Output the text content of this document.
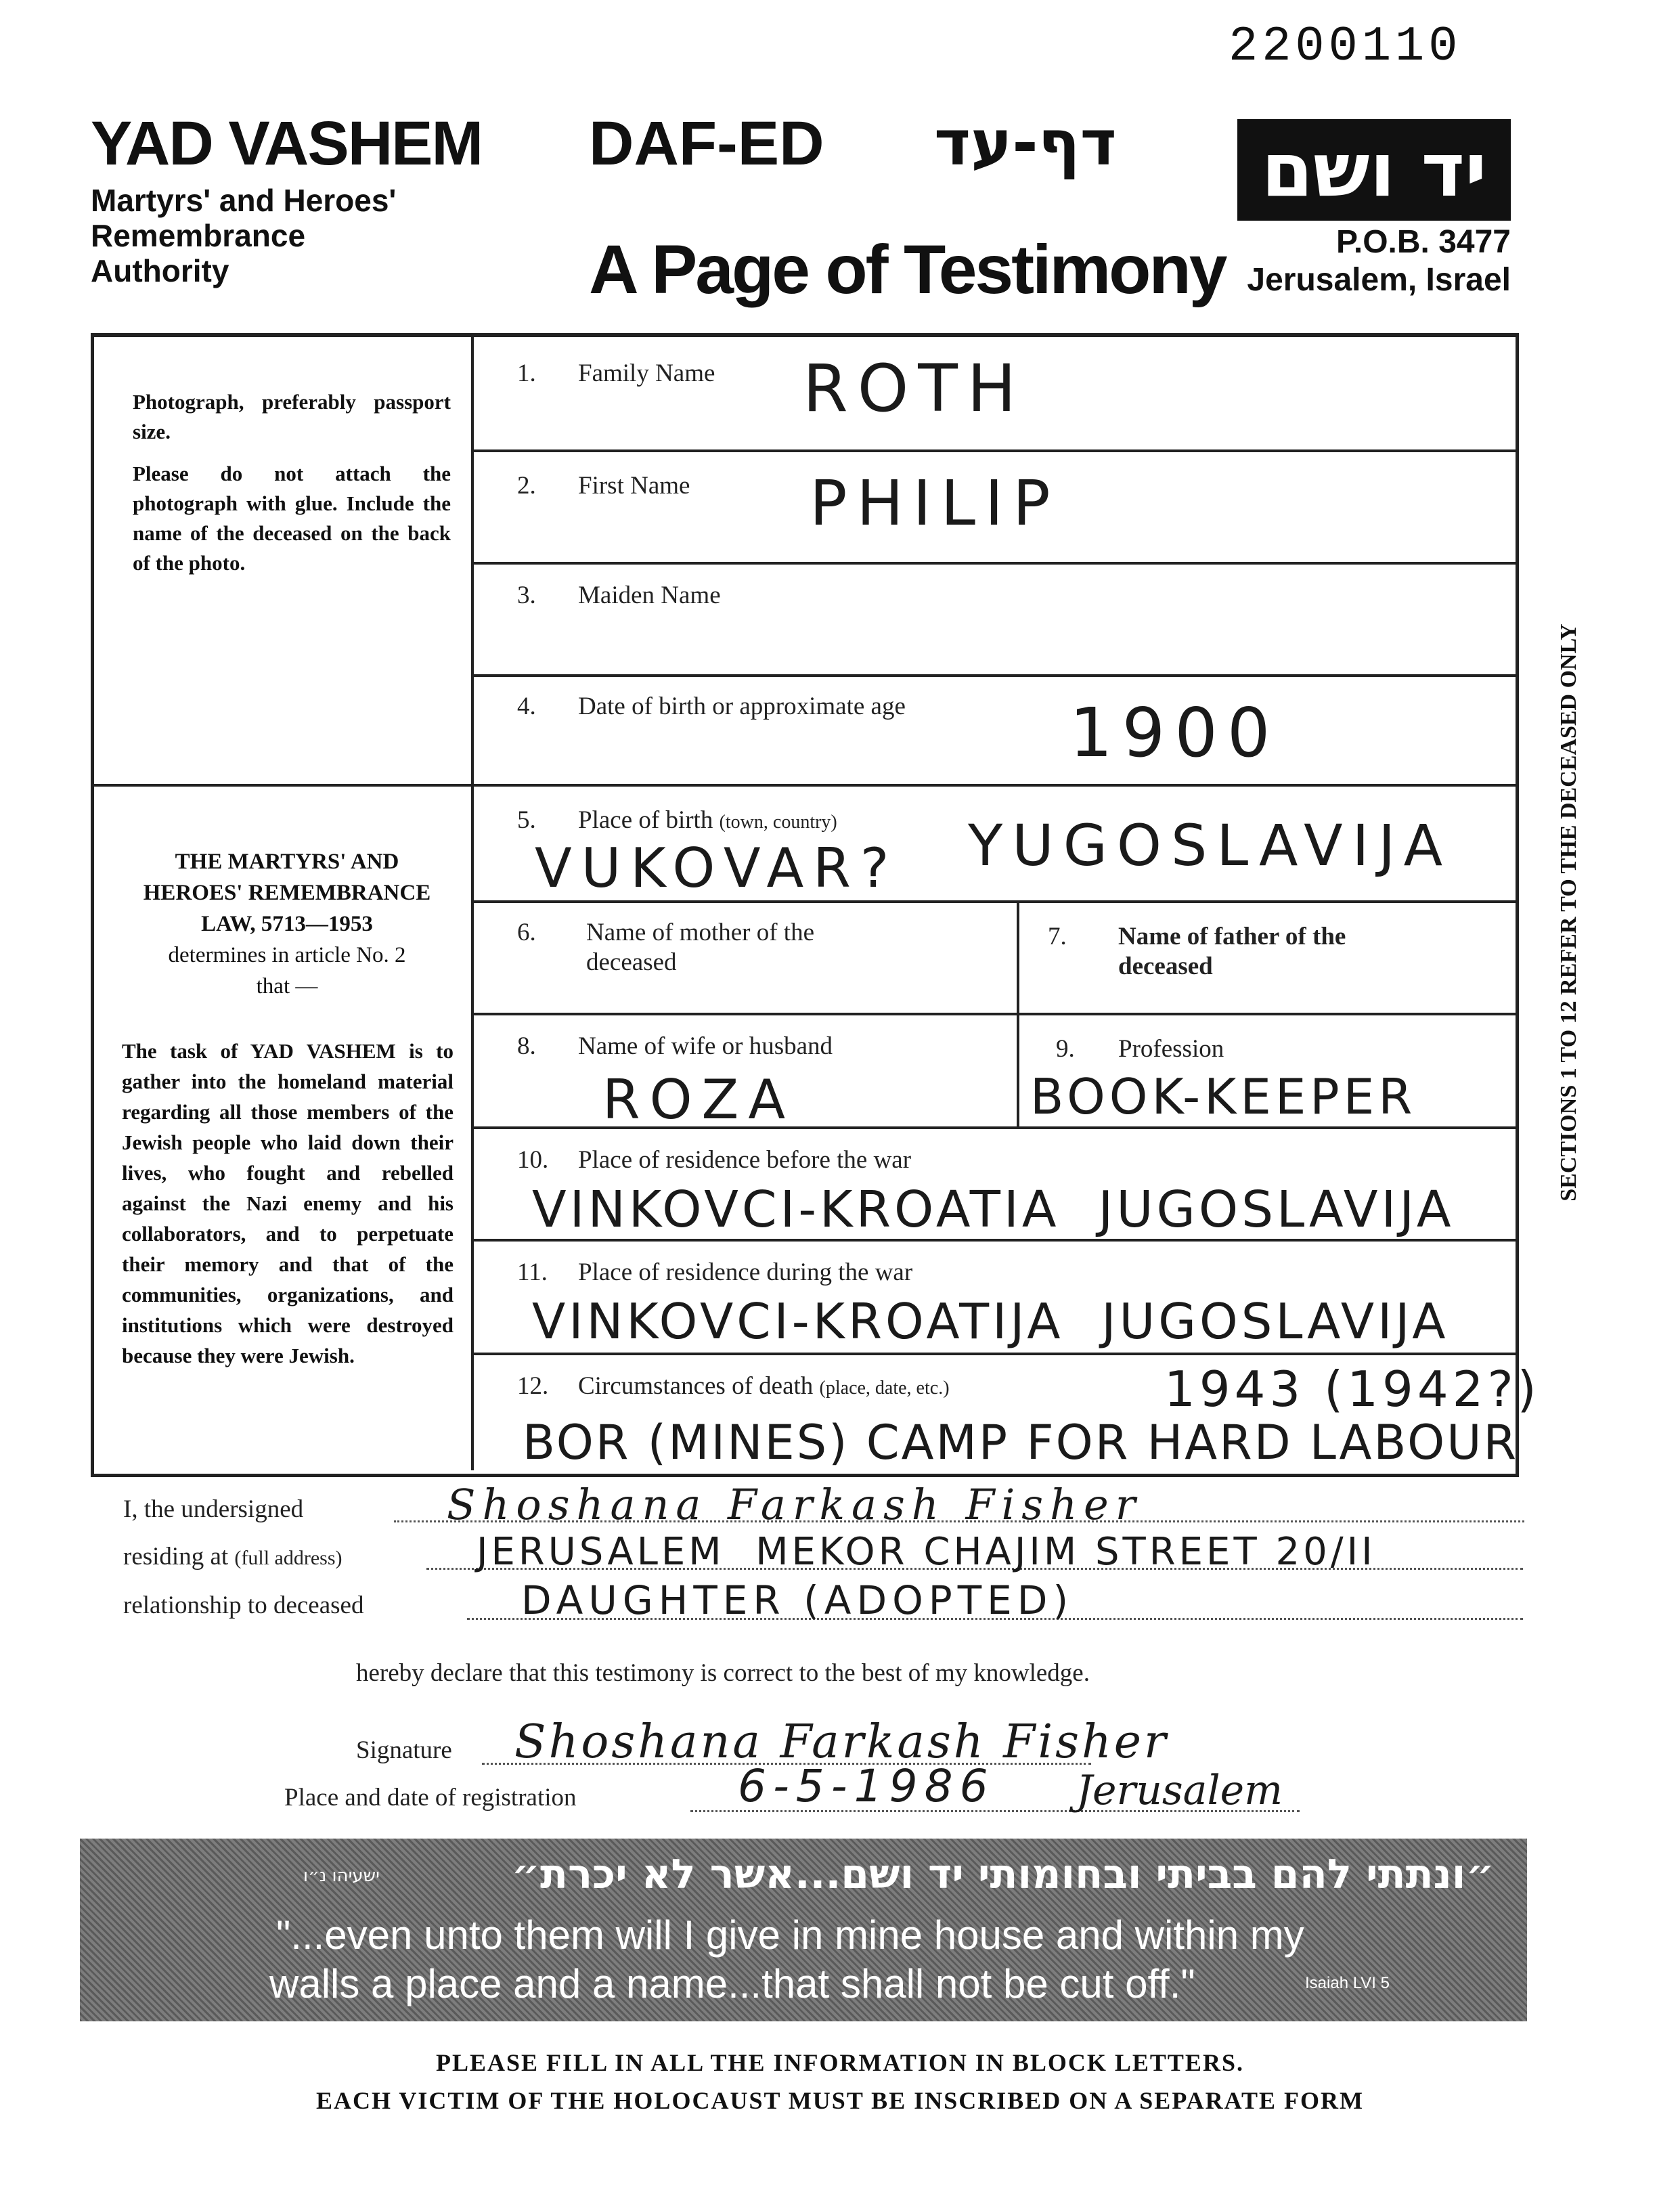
2200110
YAD VASHEM
Martyrs' and Heroes'
Remembrance
Authority
DAF-ED דף-עד
A Page of Testimony
יד ושם
P.O.B. 3477
Jerusalem, Israel
Photograph, preferably passport size.
Please do not attach the photograph with glue. Include the name of the deceased on the back of the photo.
THE MARTYRS' AND
HEROES' REMEMBRANCE
LAW, 5713—1953
determines in article No. 2
that —
The task of YAD VASHEM is to gather into the homeland material regarding all those members of the Jewish people who laid down their lives, who fought and rebelled against the Nazi enemy and his collaborators, and to perpetuate their memory and that of the communities, organizations, and institutions which were destroyed because they were Jewish.
1. Family Name ROTH
2. First Name PHILIP
3. Maiden Name
4. Date of birth or approximate age 1900
5. Place of birth (town, country)
VUKOVAR? YUGOSLAVIJA
6. Name of mother of the
deceased
7. Name of father of the
deceased
8. Name of wife or husband
ROZA
9. Profession
BOOK-KEEPER
10. Place of residence before the war
VINKOVCI-KROATIA  JUGOSLAVIJA
11. Place of residence during the war
VINKOVCI-KROATIJA  JUGOSLAVIJA
12. Circumstances of death (place, date, etc.)	1943 (1942?)
BOR (MINES) CAMP FOR HARD LABOUR
I, the undersigned	Shoshana Farkash Fisher
residing at (full address)	JERUSALEM  MEKOR CHAJIM STREET 20/II
relationship to deceased	DAUGHTER (ADOPTED)
hereby declare that this testimony is correct to the best of my knowledge.
Signature Shoshana Farkash Fisher
Place and date of registration	6-5-1986 Jerusalem
SECTIONS 1 TO 12 REFER TO THE DECEASED ONLY
״ונתתי להם בביתי ובחומותי יד ושם...אשר לא יכרת״
ישעיהו נ״ו
"...even unto them will I give in mine house and within my
walls a place and a name...that shall not be cut off."	Isaiah LVI 5
PLEASE FILL IN ALL THE INFORMATION IN BLOCK LETTERS.
EACH VICTIM OF THE HOLOCAUST MUST BE INSCRIBED ON A SEPARATE FORM
